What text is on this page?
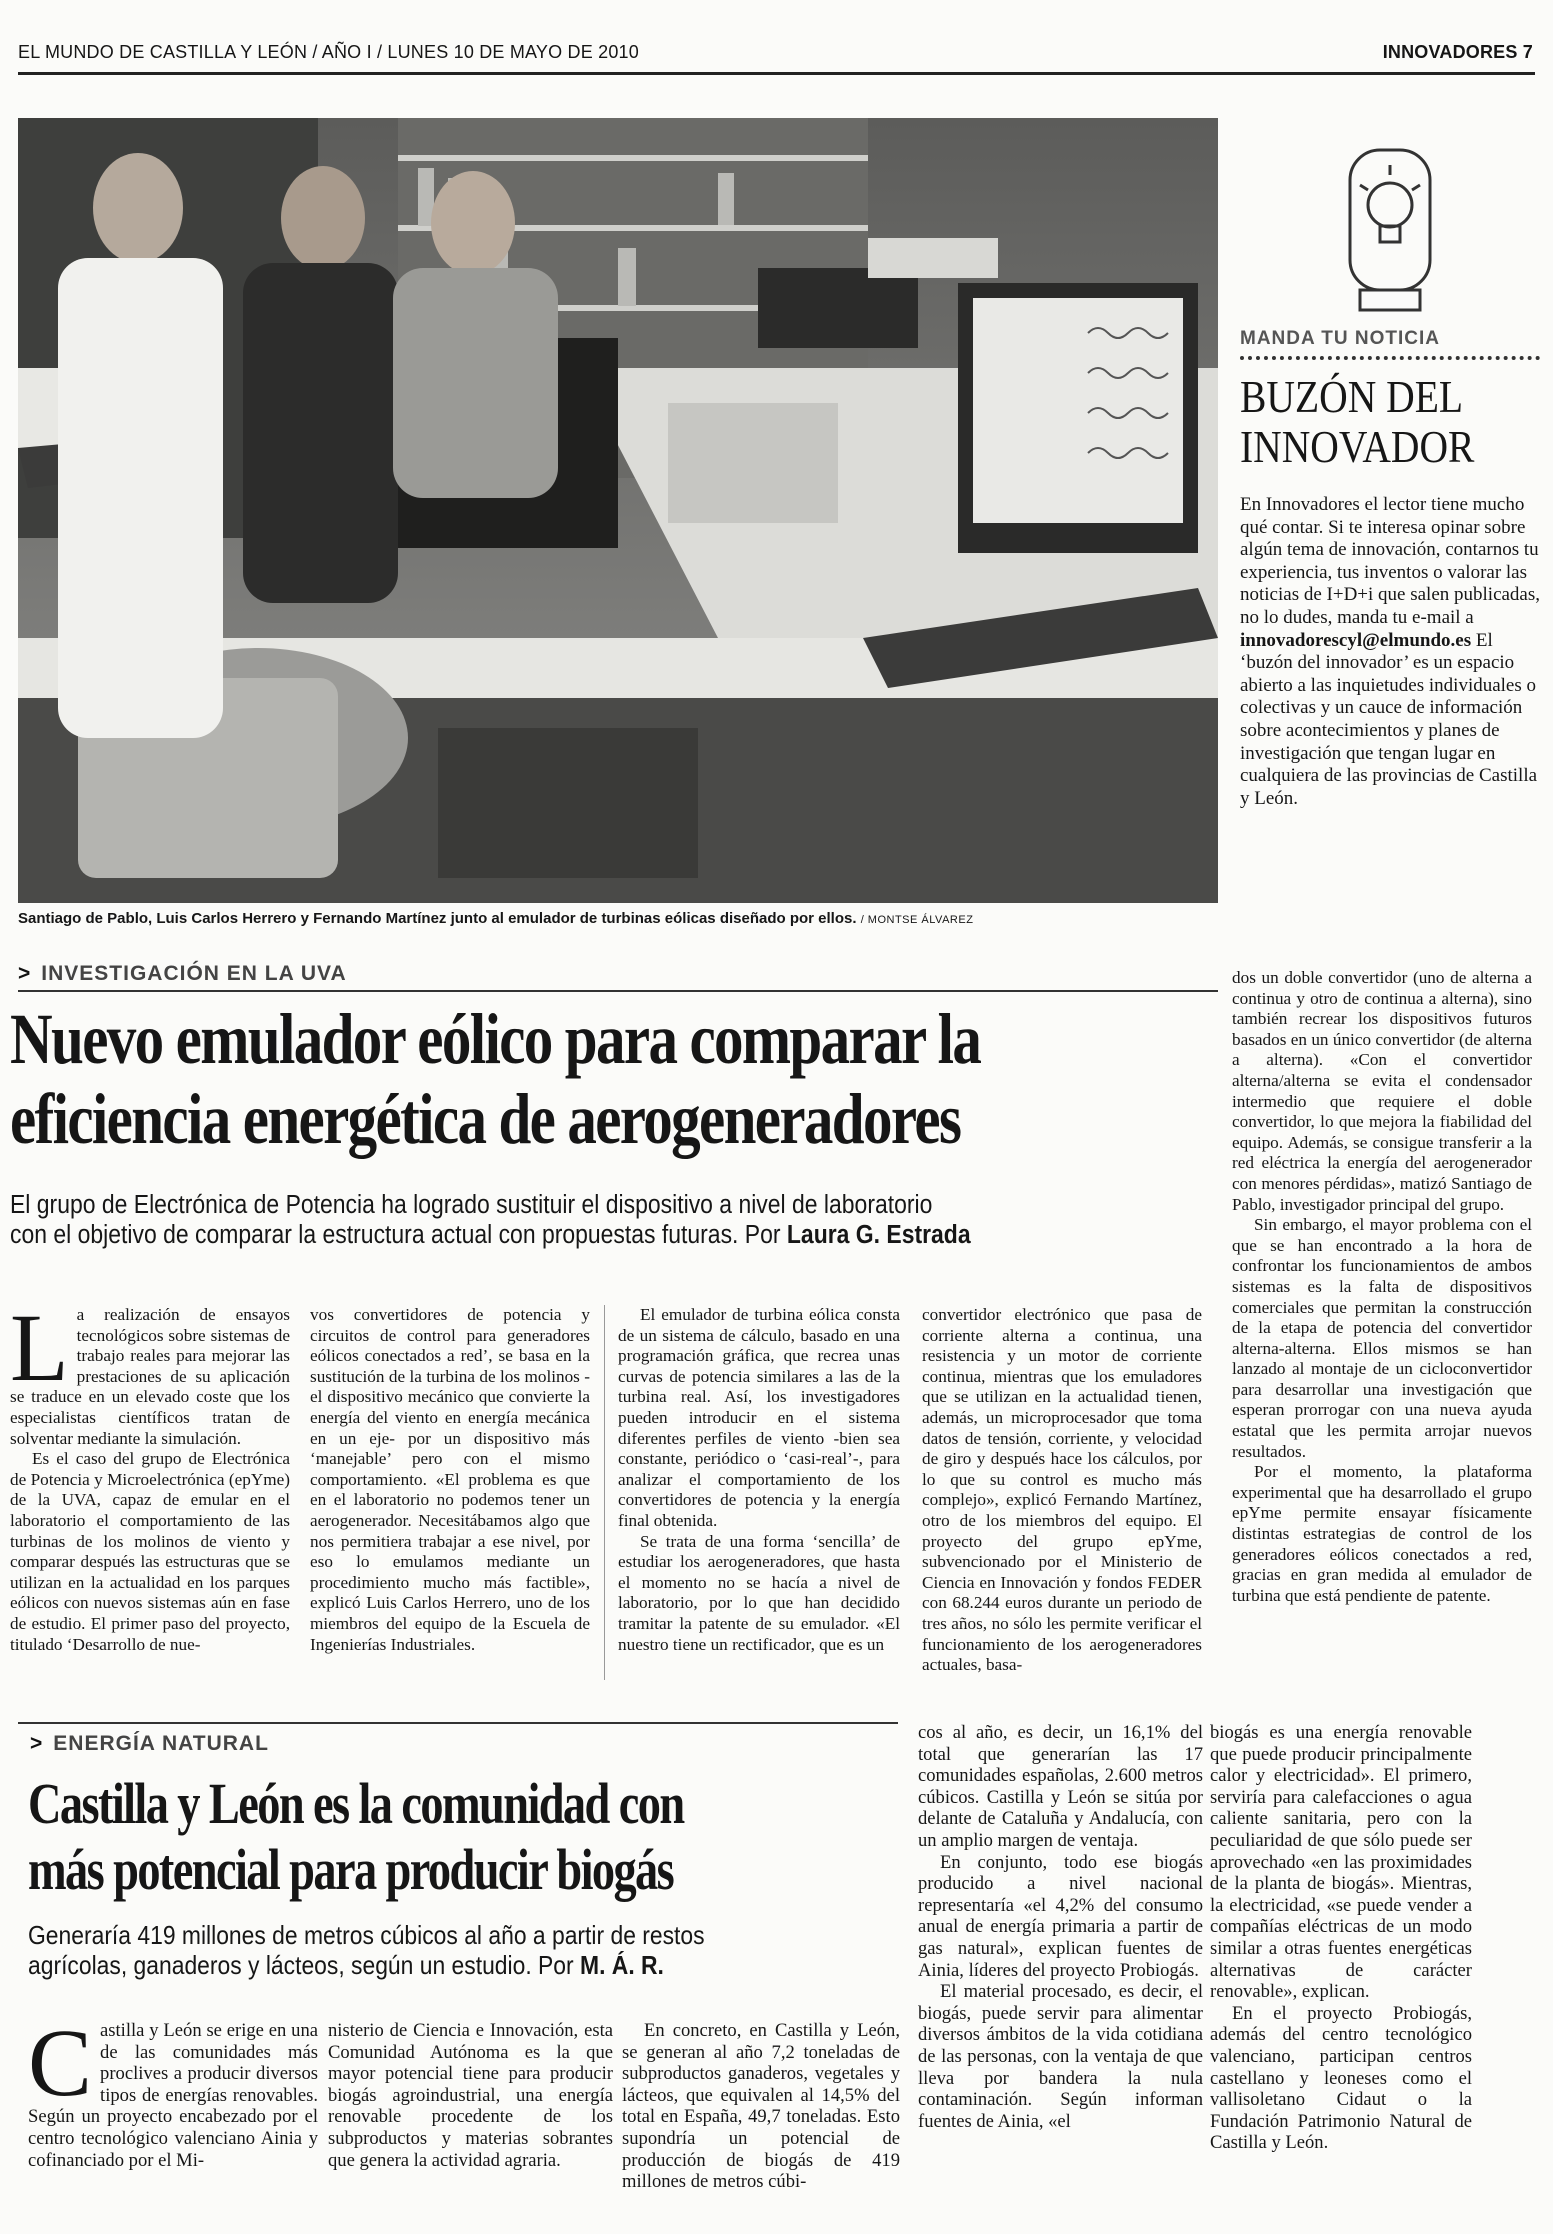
EL MUNDO DE CASTILLA Y LEÓN / AÑO I / LUNES 10 DE MAYO DE 2010	INNOVADORES 7
Santiago de Pablo, Luis Carlos Herrero y Fernando Martínez junto al emulador de turbinas eólicas diseñado por ellos. / MONTSE ÁLVAREZ
MANDA TU NOTICIA
BUZÓN DEL
INNOVADOR
En Innovadores el lector tiene mucho qué contar. Si te interesa opinar sobre algún tema de innovación, contarnos tu experiencia, tus inventos o valorar las noticias de I+D+i que salen publicadas, no lo dudes, manda tu e-mail a innovadorescyl@elmundo.es El ‘buzón del innovador’ es un espacio abierto a las inquietudes individuales o colectivas y un cauce de información sobre acontecimientos y planes de investigación que tengan lugar en cualquiera de las provincias de Castilla y León.
> INVESTIGACIÓN EN LA UVA
Nuevo emulador eólico para comparar la
eficiencia energética de aerogeneradores
El grupo de Electrónica de Potencia ha logrado sustituir el dispositivo a nivel de laboratorio
con el objetivo de comparar la estructura actual con propuestas futuras. Por Laura G. Estrada

La realización de ensayos tecnológicos sobre sistemas de trabajo reales para mejorar las prestaciones de su aplicación se traduce en un elevado coste que los especialistas científicos tratan de solventar mediante la simulación.

Es el caso del grupo de Electrónica de Potencia y Microelectrónica (epYme) de la UVA, capaz de emular en el laboratorio el comportamiento de las turbinas de los molinos de viento y comparar después las estructuras que se utilizan en la actualidad en los parques eólicos con nuevos sistemas aún en fase de estudio. El primer paso del proyecto, titulado ‘Desarrollo de nue-

vos convertidores de potencia y circuitos de control para generadores eólicos conectados a red’, se basa en la sustitución de la turbina de los molinos -el dispositivo mecánico que convierte la energía del viento en energía mecánica en un eje- por un dispositivo más ‘manejable’ pero con el mismo comportamiento. «El problema es que en el laboratorio no podemos tener un aerogenerador. Necesitábamos algo que nos permitiera trabajar a ese nivel, por eso lo emulamos mediante un procedimiento mucho más factible», explicó Luis Carlos Herrero, uno de los miembros del equipo de la Escuela de Ingenierías Industriales.

El emulador de turbina eólica consta de un sistema de cálculo, basado en una programación gráfica, que recrea unas curvas de potencia similares a las de la turbina real. Así, los investigadores pueden introducir en el sistema diferentes perfiles de viento -bien sea constante, periódico o ‘casi-real’-, para analizar el comportamiento de los convertidores de potencia y la energía final obtenida.

Se trata de una forma ‘sencilla’ de estudiar los aerogeneradores, que hasta el momento no se hacía a nivel de laboratorio, por lo que han decidido tramitar la patente de su emulador. «El nuestro tiene un rectificador, que es un

convertidor electrónico que pasa de corriente alterna a continua, una resistencia y un motor de corriente continua, mientras que los emuladores que se utilizan en la actualidad tienen, además, un microprocesador que toma datos de tensión, corriente, y velocidad de giro y después hace los cálculos, por lo que su control es mucho más complejo», explicó Fernando Martínez, otro de los miembros del equipo. El proyecto del grupo epYme, subvencionado por el Ministerio de Ciencia en Innovación y fondos FEDER con 68.244 euros durante un periodo de tres años, no sólo les permite verificar el funcionamiento de los aerogeneradores actuales, basa-

dos un doble convertidor (uno de alterna a continua y otro de continua a alterna), sino también recrear los dispositivos futuros basados en un único convertidor (de alterna a alterna). «Con el convertidor alterna/alterna se evita el condensador intermedio que requiere el doble convertidor, lo que mejora la fiabilidad del equipo. Además, se consigue transferir a la red eléctrica la energía del aerogenerador con menores pérdidas», matizó Santiago de Pablo, investigador principal del grupo.

Sin embargo, el mayor problema con el que se han encontrado a la hora de confrontar los funcionamientos de ambos sistemas es la falta de dispositivos comerciales que permitan la construcción de la etapa de potencia del convertidor alterna-alterna. Ellos mismos se han lanzado al montaje de un cicloconvertidor para desarrollar una investigación que esperan prorrogar con una nueva ayuda estatal que les permita arrojar nuevos resultados.

Por el momento, la plataforma experimental que ha desarrollado el grupo epYme permite ensayar físicamente distintas estrategias de control de los generadores eólicos conectados a red, gracias en gran medida al emulador de turbina que está pendiente de patente.

> ENERGÍA NATURAL
Castilla y León es la comunidad con
más potencial para producir biogás
Generaría 419 millones de metros cúbicos al año a partir de restos
agrícolas, ganaderos y lácteos, según un estudio. Por M. Á. R.

Castilla y León se erige en una de las comunidades más proclives a producir diversos tipos de energías renovables. Según un proyecto encabezado por el centro tecnológico valenciano Ainia y cofinanciado por el Mi-

nisterio de Ciencia e Innovación, esta Comunidad Autónoma es la que mayor potencial tiene para producir biogás agroindustrial, una energía renovable procedente de los subproductos y materias sobrantes que genera la actividad agraria.

En concreto, en Castilla y León, se generan al año 7,2 toneladas de subproductos ganaderos, vegetales y lácteos, que equivalen al 14,5% del total en España, 49,7 toneladas. Esto supondría un potencial de producción de biogás de 419 millones de metros cúbi-

cos al año, es decir, un 16,1% del total que generarían las 17 comunidades españolas, 2.600 metros cúbicos. Castilla y León se sitúa por delante de Cataluña y Andalucía, con un amplio margen de ventaja.

En conjunto, todo ese biogás producido a nivel nacional representaría «el 4,2% del consumo anual de energía primaria a partir de gas natural», explican fuentes de Ainia, líderes del proyecto Probiogás.

El material procesado, es decir, el biogás, puede servir para alimentar diversos ámbitos de la vida cotidiana de las personas, con la ventaja de que lleva por bandera la nula contaminación. Según informan fuentes de Ainia, «el

biogás es una energía renovable que puede producir principalmente calor y electricidad». El primero, serviría para calefacciones o agua caliente sanitaria, pero con la peculiaridad de que sólo puede ser aprovechado «en las proximidades de la planta de biogás». Mientras, la electricidad, «se puede vender a compañías eléctricas de un modo similar a otras fuentes energéticas alternativas de carácter renovable», explican.

En el proyecto Probiogás, además del centro tecnológico valenciano, participan centros castellano y leoneses como el vallisoletano Cidaut o la Fundación Patrimonio Natural de Castilla y León.
